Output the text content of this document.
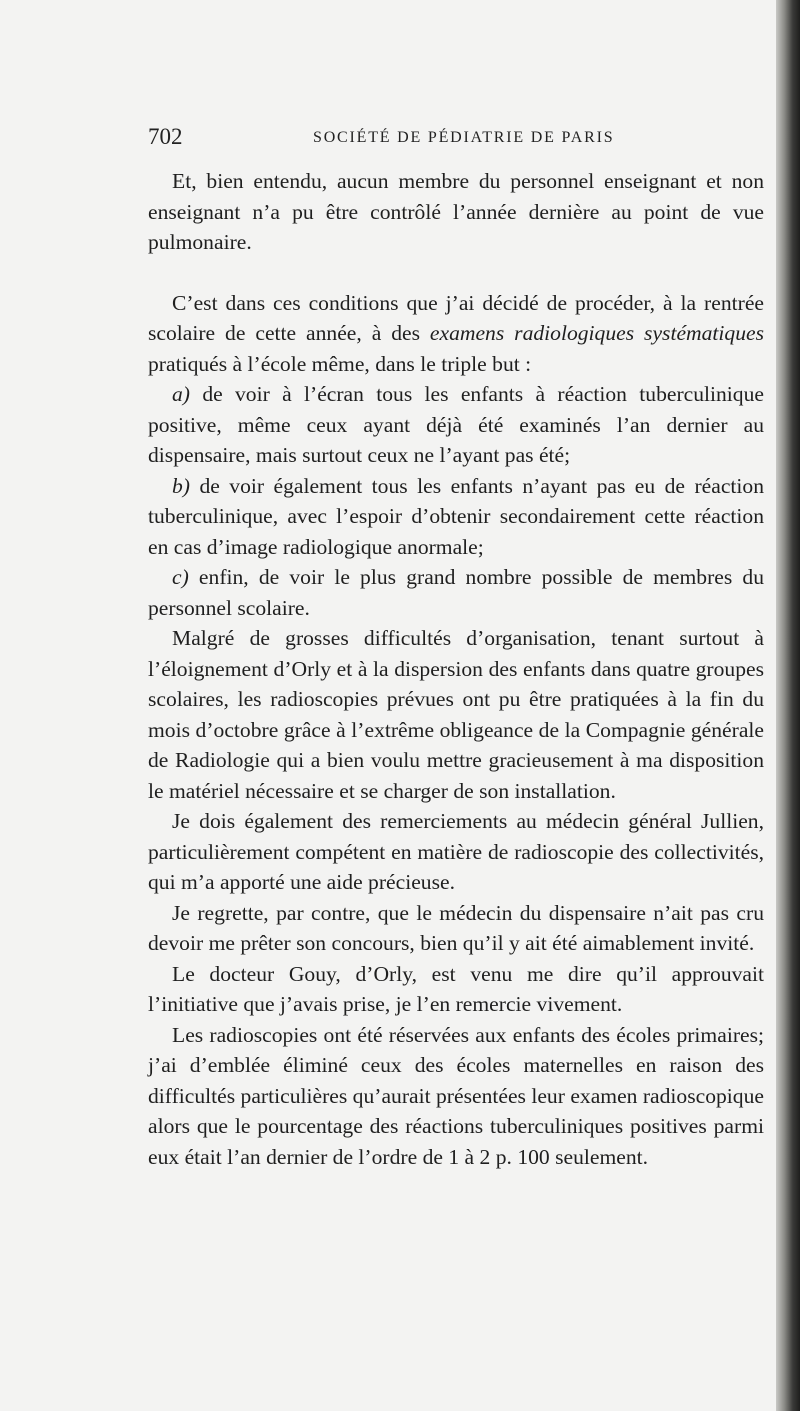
702	SOCIÉTÉ DE PÉDIATRIE DE PARIS

Et, bien entendu, aucun membre du personnel enseignant et non enseignant n’a pu être contrôlé l’année dernière au point de vue pulmonaire.

C’est dans ces conditions que j’ai décidé de procéder, à la rentrée scolaire de cette année, à des examens radiologiques systématiques pratiqués à l’école même, dans le triple but :

a) de voir à l’écran tous les enfants à réaction tuberculinique positive, même ceux ayant déjà été examinés l’an dernier au dispensaire, mais surtout ceux ne l’ayant pas été;

b) de voir également tous les enfants n’ayant pas eu de réaction tuberculinique, avec l’espoir d’obtenir secondairement cette réaction en cas d’image radiologique anormale;

c) enfin, de voir le plus grand nombre possible de membres du personnel scolaire.

Malgré de grosses difficultés d’organisation, tenant surtout à l’éloignement d’Orly et à la dispersion des enfants dans quatre groupes scolaires, les radioscopies prévues ont pu être pratiquées à la fin du mois d’octobre grâce à l’extrême obligeance de la Compagnie générale de Radiologie qui a bien voulu mettre gracieusement à ma disposition le matériel nécessaire et se charger de son installation.

Je dois également des remerciements au médecin général Jullien, particulièrement compétent en matière de radioscopie des collectivités, qui m’a apporté une aide précieuse.

Je regrette, par contre, que le médecin du dispensaire n’ait pas cru devoir me prêter son concours, bien qu’il y ait été aimablement invité.

Le docteur Gouy, d’Orly, est venu me dire qu’il approuvait l’initiative que j’avais prise, je l’en remercie vivement.

Les radioscopies ont été réservées aux enfants des écoles primaires; j’ai d’emblée éliminé ceux des écoles maternelles en raison des difficultés particulières qu’aurait présentées leur examen radioscopique alors que le pourcentage des réactions tuberculiniques positives parmi eux était l’an dernier de l’ordre de 1 à 2 p. 100 seulement.
